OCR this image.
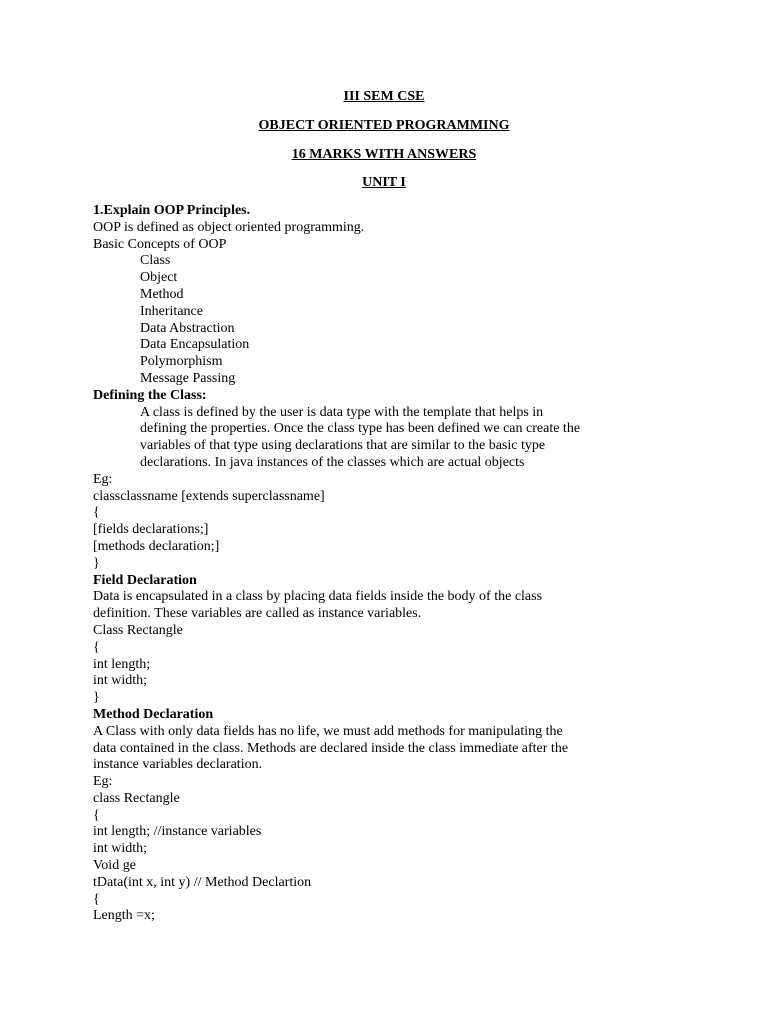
III SEM CSE
OBJECT ORIENTED PROGRAMMING
16 MARKS WITH ANSWERS
UNIT I
1.Explain OOP Principles.
OOP is defined as object oriented programming.
Basic Concepts of OOP
Class
Object
Method
Inheritance
Data Abstraction
Data Encapsulation
Polymorphism
Message Passing
Defining the Class:
A class is defined by the user is data type with the template that helps in
defining the properties. Once the class type has been defined we can create the
variables of that type using declarations that are similar to the basic type
declarations. In java instances of the classes which are actual objects
Eg:
classclassname [extends superclassname]
{
[fields declarations;]
[methods declaration;]
}
Field Declaration
Data is encapsulated in a class by placing data fields inside the body of the class
definition. These variables are called as instance variables.
Class Rectangle
{
int length;
int width;
}
Method Declaration
A Class with only data fields has no life, we must add methods for manipulating the
data contained in the class. Methods are declared inside the class immediate after the
instance variables declaration.
Eg:
class Rectangle
{
int length; //instance variables
int width;
Void ge
tData(int x, int y) // Method Declartion
{
Length =x;
